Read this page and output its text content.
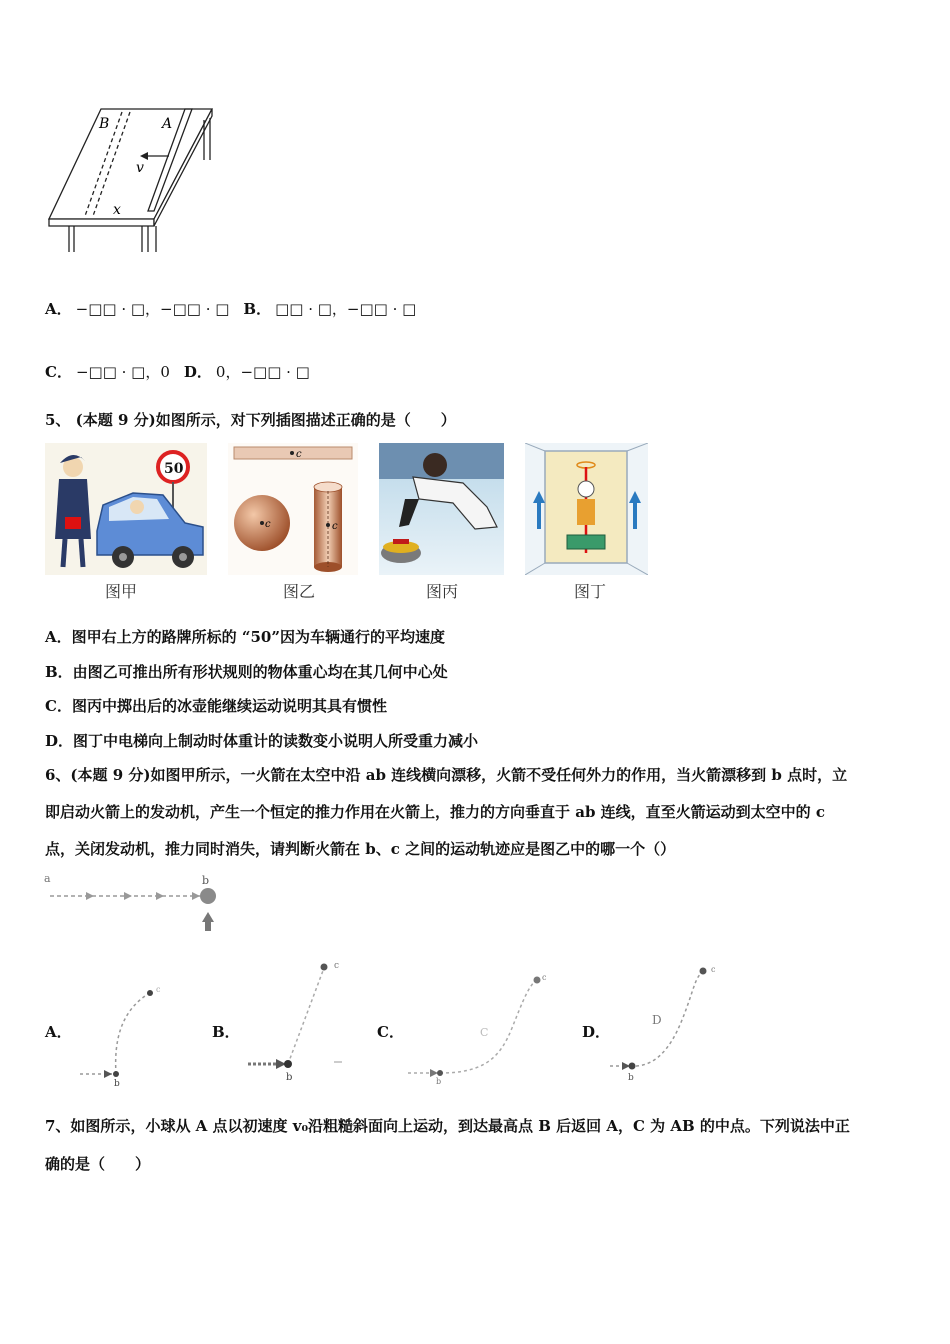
B	A
v
x
A． −□□ · □，−□□ · □ B． □□ · □，−□□ · □
C． −□□ · □，0 D． 0，−□□ · □
5、 (本题 9 分)如图所示，对下列插图描述正确的是（　　）
50
c
c	c
图甲	图乙	图丙	图丁
A．图甲右上方的路牌所标的 “50”因为车辆通行的平均速度
B．由图乙可推出所有形状规则的物体重心均在其几何中心处
C．图丙中掷出后的冰壶能继续运动说明其具有惯性
D．图丁中电梯向上制动时体重计的读数变小说明人所受重力减小
6、(本题 9 分)如图甲所示，一火箭在太空中沿 ab 连线横向漂移，火箭不受任何外力的作用，当火箭漂移到 b 点时，立
即启动火箭上的发动机，产生一个恒定的推力作用在火箭上，推力的方向垂直于 ab 连线，直至火箭运动到太空中的 c
点，关闭发动机，推力同时消失，请判断火箭在 b、c 之间的运动轨迹应是图乙中的哪一个（）
a	b
A．
b
c
B．
b
c
C．
b
c
C	D．
b
c
D
7、如图所示，小球从 A 点以初速度 v₀沿粗糙斜面向上运动，到达最高点 B 后返回 A，C 为 AB 的中点。下列说法中正
确的是（　　）
